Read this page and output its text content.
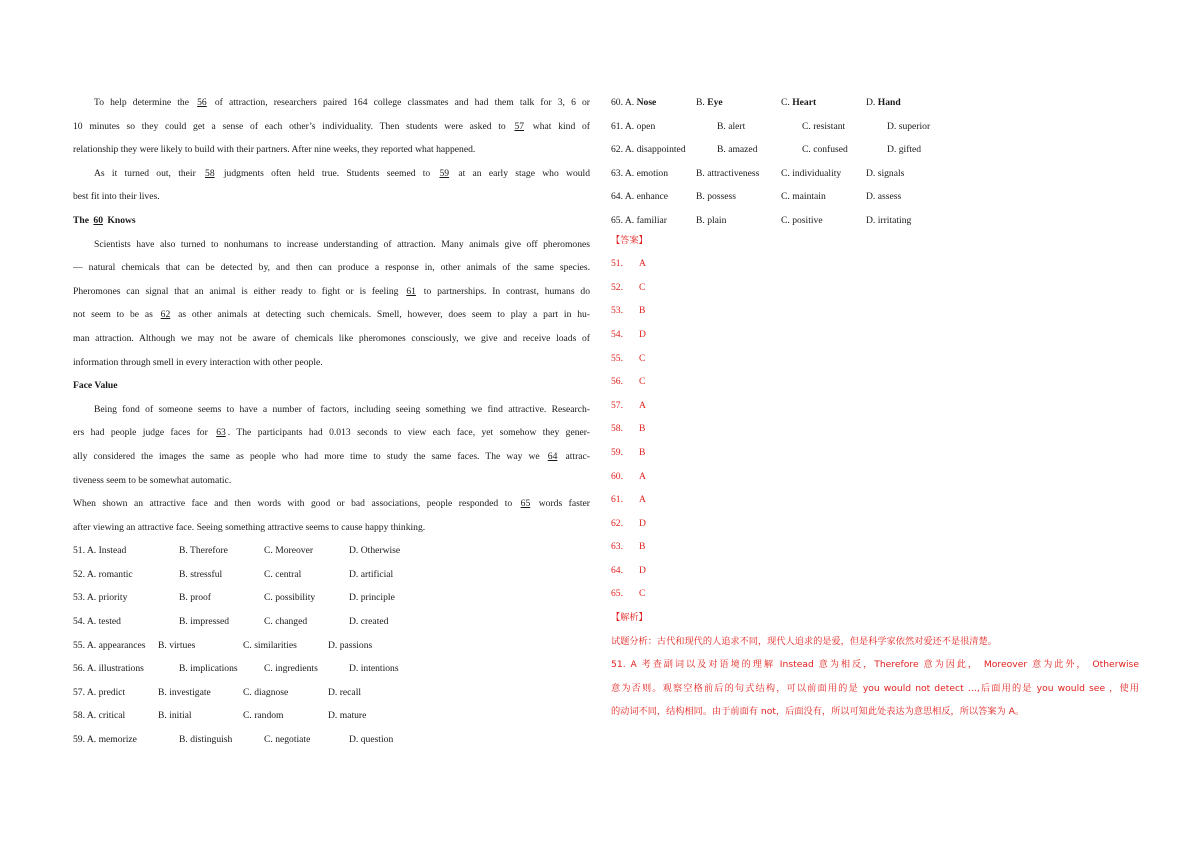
To help determine the 56 of attraction, researchers paired 164 college classmates and had them talk for 3, 6 or
10 minutes so they could get a sense of each other’s individuality. Then students were asked to 57 what kind of
relationship they were likely to build with their partners. After nine weeks, they reported what happened.
As it turned out, their 58 judgments often held true. Students seemed to 59 at an early stage who would
best fit into their lives.
The 60 Knows
Scientists have also turned to nonhumans to increase understanding of attraction. Many animals give off pheromones
— natural chemicals that can be detected by, and then can produce a response in, other animals of the same species.
Pheromones can signal that an animal is either ready to fight or is feeling 61 to partnerships. In contrast, humans do
not seem to be as 62 as other animals at detecting such chemicals. Smell, however, does seem to play a part in hu-
man attraction. Although we may not be aware of chemicals like pheromones consciously, we give and receive loads of
information through smell in every interaction with other people.
Face Value
Being fond of someone seems to have a number of factors, including seeing something we find attractive. Research-
ers had people judge faces for 63 . The participants had 0.013 seconds to view each face, yet somehow they gener-
ally considered the images the same as people who had more time to study the same faces. The way we 64 attrac-
tiveness seem to be somewhat automatic.
When shown an attractive face and then words with good or bad associations, people responded to 65 words faster
after viewing an attractive face. Seeing something attractive seems to cause happy thinking.
51. A. Instead	B. Therefore	C. Moreover	D. Otherwise
52. A. romantic	B. stressful	C. central	D. artificial
53. A. priority	B. proof	C. possibility	D. principle
54. A. tested	B. impressed	C. changed	D. created
55. A. appearances B. virtues	C. similarities	D. passions
56. A. illustrations	B. implications	C. ingredients	D. intentions
57. A. predict	B. investigate	C. diagnose	D. recall
58. A. critical	B. initial	C. random	D. mature
59. A. memorize	B. distinguish	C. negotiate	D. question
60. A. Nose	B. Eye	C. Heart	D. Hand
61. A. open	B. alert	C. resistant	D. superior
62. A. disappointed	B. amazed	C. confused	D. gifted
63. A. emotion	B. attractiveness C. individuality	D. signals
64. A. enhance	B. possess	C. maintain	D. assess
65. A. familiar	B. plain	C. positive	D. irritating
【答案】
51.	A
52.	C
53.	B
54.	D
55.	C
56.	C
57.	A
58.	B
59.	B
60.	A
61.	A
62.	D
63.	B
64.	D
65.	C
【解析】
试题分析：古代和现代的人追求不同，现代人追求的是爱，但是科学家依然对爱还不是很清楚。
51. A 考查副词以及对语境的理解 Instead 意为相反，Therefore 意为因此， Moreover 意为此外， Otherwise
意为否则。观察空格前后的句式结构，可以前面用的是 you would not detect …,后面用的是 you would see ，使用
的动词不同，结构相同。由于前面有 not，后面没有，所以可知此处表达为意思相反，所以答案为 A。
